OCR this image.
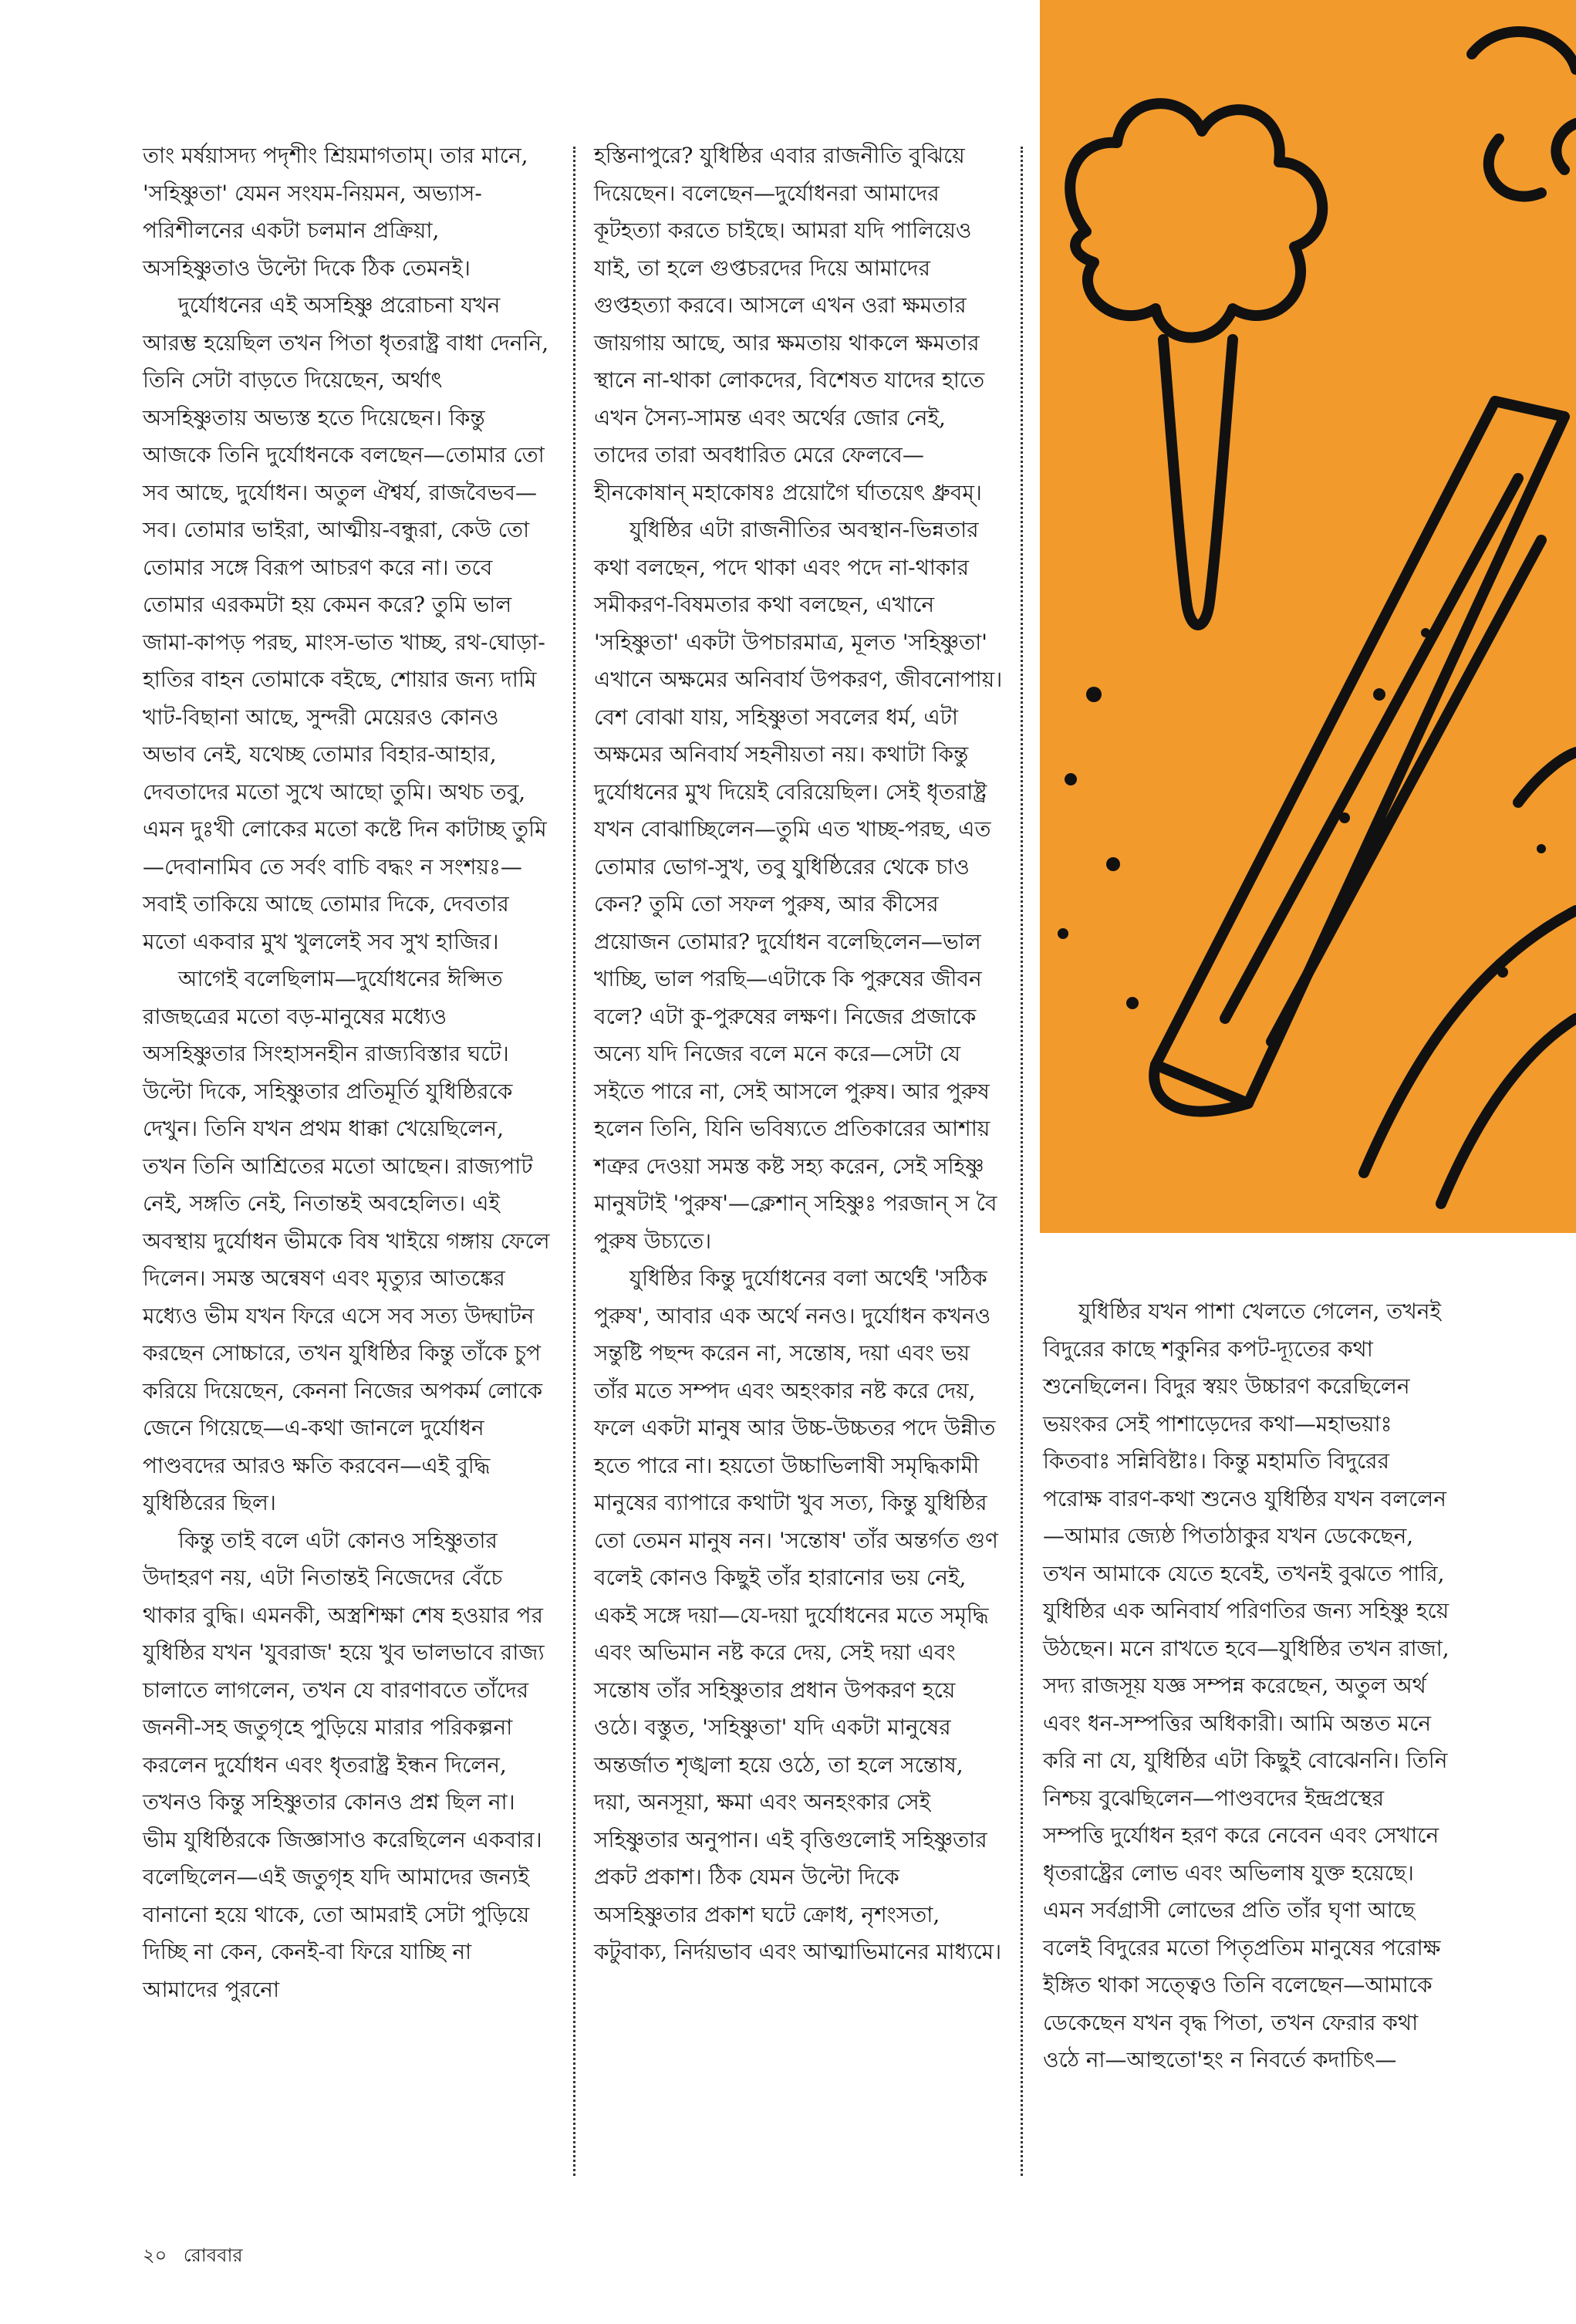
তাং মর্ষয়াসদ্য পদৃশীং শ্রিয়মাগতাম্। তার মানে, 'সহিষ্ণুতা' যেমন সংযম-নিয়মন, অভ্যাস-পরিশীলনের একটা চলমান প্রক্রিয়া, অসহিষ্ণুতাও উল্টো দিকে ঠিক তেমনই।

দুর্যোধনের এই অসহিষ্ণু প্ররোচনা যখন আরম্ভ হয়েছিল তখন পিতা ধৃতরাষ্ট্র বাধা দেননি, তিনি সেটা বাড়তে দিয়েছেন, অর্থাৎ অসহিষ্ণুতায় অভ্যস্ত হতে দিয়েছেন। কিন্তু আজকে তিনি দুর্যোধনকে বলছেন—তোমার তো সব আছে, দুর্যোধন। অতুল ঐশ্বর্য, রাজবৈভব—সব। তোমার ভাইরা, আত্মীয়-বন্ধুরা, কেউ তো তোমার সঙ্গে বিরূপ আচরণ করে না। তবে তোমার এরকমটা হয় কেমন করে? তুমি ভাল জামা-কাপড় পরছ, মাংস-ভাত খাচ্ছ, রথ-ঘোড়া-হাতির বাহন তোমাকে বইছে, শোয়ার জন্য দামি খাট-বিছানা আছে, সুন্দরী মেয়েরও কোনও অভাব নেই, যথেচ্ছ তোমার বিহার-আহার, দেবতাদের মতো সুখে আছো তুমি। অথচ তবু, এমন দুঃখী লোকের মতো কষ্টে দিন কাটাচ্ছ তুমি—দেবানামিব তে সর্বং বাচি বদ্ধং ন সংশয়ঃ—সবাই তাকিয়ে আছে তোমার দিকে, দেবতার মতো একবার মুখ খুললেই সব সুখ হাজির।

আগেই বলেছিলাম—দুর্যোধনের ঈপ্সিত রাজছত্রের মতো বড়-মানুষের মধ্যেও অসহিষ্ণুতার সিংহাসনহীন রাজ্যবিস্তার ঘটে। উল্টো দিকে, সহিষ্ণুতার প্রতিমূর্তি যুধিষ্ঠিরকে দেখুন। তিনি যখন প্রথম ধাক্কা খেয়েছিলেন, তখন তিনি আশ্রিতের মতো আছেন। রাজ্যপাট নেই, সঙ্গতি নেই, নিতান্তই অবহেলিত। এই অবস্থায় দুর্যোধন ভীমকে বিষ খাইয়ে গঙ্গায় ফেলে দিলেন। সমস্ত অন্বেষণ এবং মৃত্যুর আতঙ্কের মধ্যেও ভীম যখন ফিরে এসে সব সত্য উদ্ঘাটন করছেন সোচ্চারে, তখন যুধিষ্ঠির কিন্তু তাঁকে চুপ করিয়ে দিয়েছেন, কেননা নিজের অপকর্ম লোকে জেনে গিয়েছে—এ-কথা জানলে দুর্যোধন পাণ্ডবদের আরও ক্ষতি করবেন—এই বুদ্ধি যুধিষ্ঠিরের ছিল।

কিন্তু তাই বলে এটা কোনও সহিষ্ণুতার উদাহরণ নয়, এটা নিতান্তই নিজেদের বেঁচে থাকার বুদ্ধি। এমনকী, অস্ত্রশিক্ষা শেষ হওয়ার পর যুধিষ্ঠির যখন 'যুবরাজ' হয়ে খুব ভালভাবে রাজ্য চালাতে লাগলেন, তখন যে বারণাবতে তাঁদের জননী-সহ জতুগৃহে পুড়িয়ে মারার পরিকল্পনা করলেন দুর্যোধন এবং ধৃতরাষ্ট্র ইন্ধন দিলেন, তখনও কিন্তু সহিষ্ণুতার কোনও প্রশ্ন ছিল না। ভীম যুধিষ্ঠিরকে জিজ্ঞাসাও করেছিলেন একবার। বলেছিলেন—এই জতুগৃহ যদি আমাদের জন্যই বানানো হয়ে থাকে, তো আমরাই সেটা পুড়িয়ে দিচ্ছি না কেন, কেনই-বা ফিরে যাচ্ছি না আমাদের পুরনো

হস্তিনাপুরে? যুধিষ্ঠির এবার রাজনীতি বুঝিয়ে দিয়েছেন। বলেছেন—দুর্যোধনরা আমাদের কূটহত্যা করতে চাইছে। আমরা যদি পালিয়েও যাই, তা হলে গুপ্তচরদের দিয়ে আমাদের গুপ্তহত্যা করবে। আসলে এখন ওরা ক্ষমতার জায়গায় আছে, আর ক্ষমতায় থাকলে ক্ষমতার স্থানে না-থাকা লোকদের, বিশেষত যাদের হাতে এখন সৈন্য-সামন্ত এবং অর্থের জোর নেই, তাদের তারা অবধারিত মেরে ফেলবে—হীনকোষান্ মহাকোষঃ প্রয়োগৈ র্ঘাতয়েৎ ধ্রুবম্।

যুধিষ্ঠির এটা রাজনীতির অবস্থান-ভিন্নতার কথা বলছেন, পদে থাকা এবং পদে না-থাকার সমীকরণ-বিষমতার কথা বলছেন, এখানে 'সহিষ্ণুতা' একটা উপচারমাত্র, মূলত 'সহিষ্ণুতা' এখানে অক্ষমের অনিবার্য উপকরণ, জীবনোপায়। বেশ বোঝা যায়, সহিষ্ণুতা সবলের ধর্ম, এটা অক্ষমের অনিবার্য সহনীয়তা নয়। কথাটা কিন্তু দুর্যোধনের মুখ দিয়েই বেরিয়েছিল। সেই ধৃতরাষ্ট্র যখন বোঝাচ্ছিলেন—তুমি এত খাচ্ছ-পরছ, এত তোমার ভোগ-সুখ, তবু যুধিষ্ঠিরের থেকে চাও কেন? তুমি তো সফল পুরুষ, আর কীসের প্রয়োজন তোমার? দুর্যোধন বলেছিলেন—ভাল খাচ্ছি, ভাল পরছি—এটাকে কি পুরুষের জীবন বলে? এটা কু-পুরুষের লক্ষণ। নিজের প্রজাকে অন্যে যদি নিজের বলে মনে করে—সেটা যে সইতে পারে না, সেই আসলে পুরুষ। আর পুরুষ হলেন তিনি, যিনি ভবিষ্যতে প্রতিকারের আশায় শত্রুর দেওয়া সমস্ত কষ্ট সহ্য করেন, সেই সহিষ্ণু মানুষটাই 'পুরুষ'—ক্লেশান্ সহিষ্ণুঃ পরজান্ স বৈ পুরুষ উচ্যতে।

যুধিষ্ঠির কিন্তু দুর্যোধনের বলা অর্থেই 'সঠিক পুরুষ', আবার এক অর্থে নন‌ও। দুর্যোধন কখনও সন্তুষ্টি পছন্দ করেন না, সন্তোষ, দয়া এবং ভয় তাঁর মতে সম্পদ এবং অহংকার নষ্ট করে দেয়, ফলে একটা মানুষ আর উচ্চ-উচ্চতর পদে উন্নীত হতে পারে না। হয়তো উচ্চাভিলাষী সমৃদ্ধিকামী মানুষের ব্যাপারে কথাটা খুব সত্য, কিন্তু যুধিষ্ঠির তো তেমন মানুষ নন। 'সন্তোষ' তাঁর অন্তর্গত গুণ বলেই কোনও কিছুই তাঁর হারানোর ভয় নেই, একই সঙ্গে দয়া—যে-দয়া দুর্যোধনের মতে সমৃদ্ধি এবং অভিমান নষ্ট করে দেয়, সেই দয়া এবং সন্তোষ তাঁর সহিষ্ণুতার প্রধান উপকরণ হয়ে ওঠে। বস্তুত, 'সহিষ্ণুতা' যদি একটা মানুষের অন্তর্জাত শৃঙ্খলা হয়ে ওঠে, তা হলে সন্তোষ, দয়া, অনসূয়া, ক্ষমা এবং অনহংকার সেই সহিষ্ণুতার অনুপান। এই বৃত্তিগুলোই সহিষ্ণুতার প্রকট প্রকাশ। ঠিক যেমন উল্টো দিকে অসহিষ্ণুতার প্রকাশ ঘটে ক্রোধ, নৃশংসতা, কটুবাক্য, নির্দয়ভাব এবং আত্মাভিমানের মাধ্যমে।

যুধিষ্ঠির যখন পাশা খেলতে গেলেন, তখনই বিদুরের কাছে শকুনির কপট-দ্যূতের কথা শুনেছিলেন। বিদুর স্বয়ং উচ্চারণ করেছিলেন ভয়ংকর সেই পাশাড়েদের কথা—মহাভয়াঃ কিতবাঃ সন্নিবিষ্টাঃ। কিন্তু মহামতি বিদুরের পরোক্ষ বারণ-কথা শুনেও যুধিষ্ঠির যখন বললেন—আমার জ্যেষ্ঠ পিতাঠাকুর যখন ডেকেছেন, তখন আমাকে যেতে হবেই, তখনই বুঝতে পারি, যুধিষ্ঠির এক অনিবার্য পরিণতির জন্য সহিষ্ণু হয়ে উঠছেন। মনে রাখতে হবে—যুধিষ্ঠির তখন রাজা, সদ্য রাজসূয় যজ্ঞ সম্পন্ন করেছেন, অতুল অর্থ এবং ধন-সম্পত্তির অধিকারী। আমি অন্তত মনে করি না যে, যুধিষ্ঠির এটা কিছুই বোঝেননি। তিনি নিশ্চয় বুঝেছিলেন—পাণ্ডবদের ইন্দ্রপ্রস্থের সম্পত্তি দুর্যোধন হরণ করে নেবেন এবং সেখানে ধৃতরাষ্ট্রের লোভ এবং অভিলাষ যুক্ত হয়েছে। এমন সর্বগ্রাসী লোভের প্রতি তাঁর ঘৃণা আছে বলেই বিদুরের মতো পিতৃপ্রতিম মানুষের পরোক্ষ ইঙ্গিত থাকা সত্ত্বেও তিনি বলেছেন—আমাকে ডেকেছেন যখন বৃদ্ধ পিতা, তখন ফেরার কথা ওঠে না—আহুতো'হং ন নিবর্তে কদাচিৎ—

২০ রোববার
